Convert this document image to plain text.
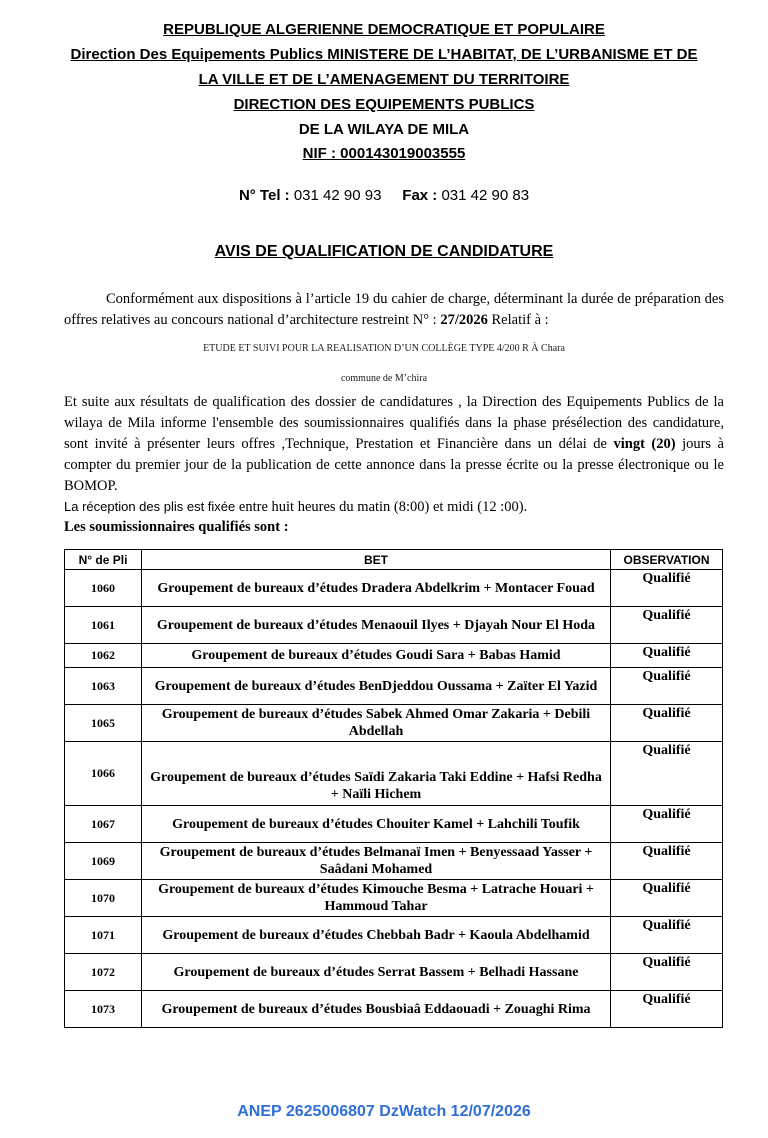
REPUBLIQUE ALGERIENNE DEMOCRATIQUE ET POPULAIRE
Direction Des Equipements Publics MINISTERE DE L’HABITAT, DE L’URBANISME ET DE
LA VILLE ET DE L’AMENAGEMENT DU TERRITOIRE
DIRECTION DES EQUIPEMENTS PUBLICS
DE LA WILAYA DE MILA
NIF : 000143019003555
N° Tel : 031 42 90 93 Fax : 031 42 90 83
AVIS DE QUALIFICATION DE CANDIDATURE
Conformément aux dispositions à l’article 19 du cahier de charge, déterminant la durée de préparation des offres relatives au concours national d’architecture restreint N° : 27/2026 Relatif à :
ETUDE ET SUIVI POUR LA REALISATION D’UN COLLÈGE TYPE 4/200 R À Chara
commune de M’chira
Et suite aux résultats de qualification des dossier de candidatures , la Direction des Equipements Publics de la wilaya de Mila informe l'ensemble des soumissionnaires qualifiés dans la phase présélection des candidature, sont invité à présenter leurs offres ,Technique, Prestation et Financière dans un délai de vingt (20) jours à compter du premier jour de la publication de cette annonce dans la presse écrite ou la presse électronique ou le BOMOP.
La réception des plis est fixée entre huit heures du matin (8:00) et midi (12 :00).
Les soumissionnaires qualifiés sont :
N° de Pli	BET	OBSERVATION
1060	Groupement de bureaux d’études Dradera Abdelkrim + Montacer Fouad	Qualifié
1061	Groupement de bureaux d’études Menaouil Ilyes + Djayah Nour El Hoda	Qualifié
1062	Groupement de bureaux d’études Goudi Sara + Babas Hamid	Qualifié
1063	Groupement de bureaux d’études BenDjeddou Oussama + Zaïter El Yazid	Qualifié
1065	Groupement de bureaux d’études Sabek Ahmed Omar Zakaria + Debili Abdellah	Qualifié
1066	Groupement de bureaux d’études Saïdi Zakaria Taki Eddine + Hafsi Redha + Naïli Hichem	Qualifié
1067	Groupement de bureaux d’études Chouiter Kamel + Lahchili Toufik	Qualifié
1069	Groupement de bureaux d’études Belmanaï Imen + Benyessaad Yasser + Saâdani Mohamed	Qualifié
1070	Groupement de bureaux d’études Kimouche Besma + Latrache Houari + Hammoud Tahar	Qualifié
1071	Groupement de bureaux d’études Chebbah Badr + Kaoula Abdelhamid	Qualifié
1072	Groupement de bureaux d’études Serrat Bassem + Belhadi Hassane	Qualifié
1073	Groupement de bureaux d’études Bousbiaâ Eddaouadi + Zouaghi Rima	Qualifié
ANEP 2625006807 DzWatch 12/07/2026
